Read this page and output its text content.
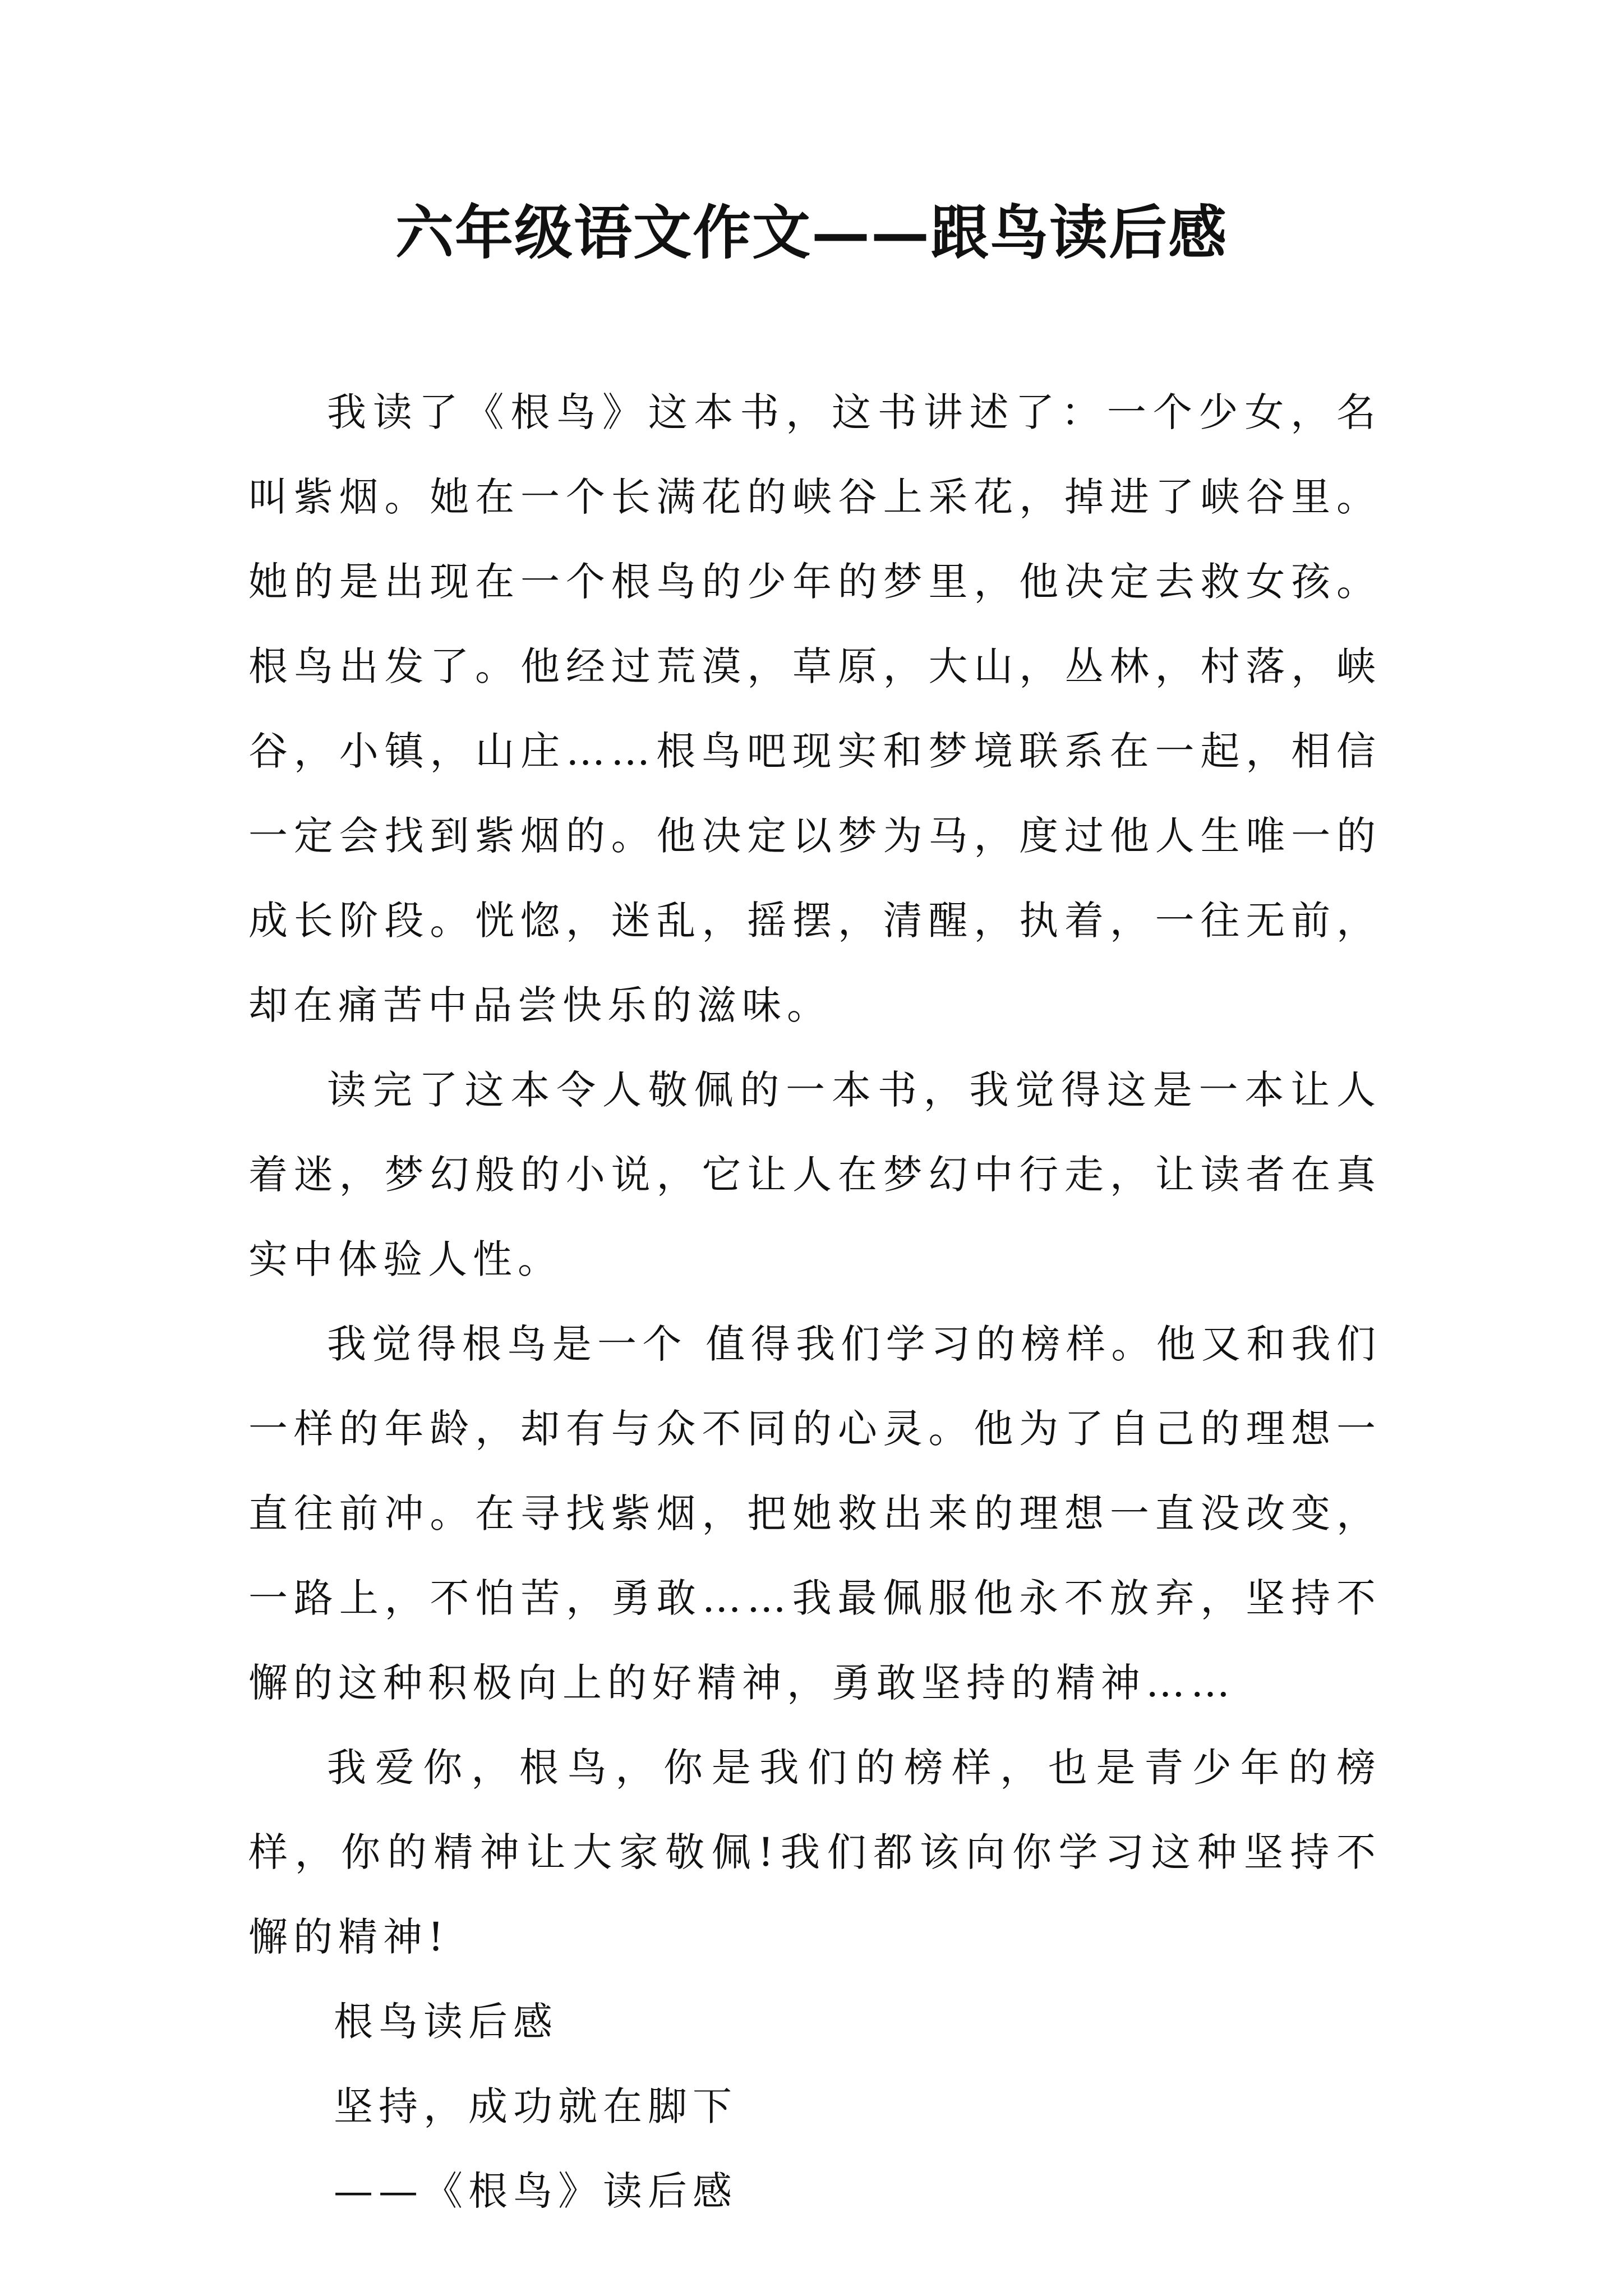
六年级语文作文——跟鸟读后感

我读了《根鸟》这本书，这书讲述了：一个少女，名叫紫烟。她在一个长满花的峡谷上采花，掉进了峡谷里。她的是出现在一个根鸟的少年的梦里，他决定去救女孩。根鸟出发了。他经过荒漠，草原，大山，丛林，村落，峡谷，小镇，山庄……根鸟吧现实和梦境联系在一起，相信一定会找到紫烟的。他决定以梦为马，度过他人生唯一的成长阶段。恍惚，迷乱，摇摆，清醒，执着，一往无前，却在痛苦中品尝快乐的滋味。

读完了这本令人敬佩的一本书，我觉得这是一本让人着迷，梦幻般的小说，它让人在梦幻中行走，让读者在真实中体验人性。

我觉得根鸟是一个 值得我们学习的榜样。他又和我们一样的年龄，却有与众不同的心灵。他为了自己的理想一直往前冲。在寻找紫烟，把她救出来的理想一直没改变，一路上，不怕苦，勇敢……我最佩服他永不放弃，坚持不懈的这种积极向上的好精神，勇敢坚持的精神……

我爱你，根鸟，你是我们的榜样，也是青少年的榜样，你的精神让大家敬佩!我们都该向你学习这种坚持不懈的精神!

根鸟读后感

坚持，成功就在脚下

——《根鸟》读后感
